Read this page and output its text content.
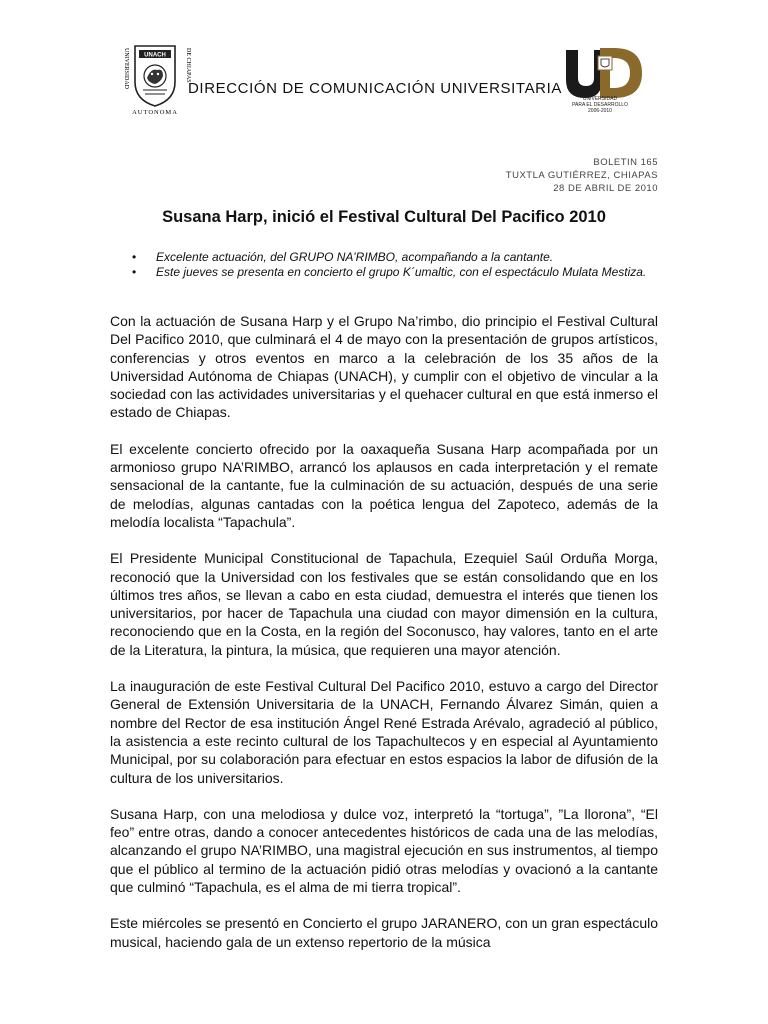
UNIVERSIDAD	DE CHIAPAS
UNACH
AUTONOMA
DIRECCIÓN DE COMUNICACIÓN UNIVERSITARIA
UNIVERSIDAD
PARA EL DESARROLLO
2006-2010
BOLETIN 165
TUXTLA GUTIÉRREZ, CHIAPAS
28 DE ABRIL DE 2010
Susana Harp, inició el Festival Cultural Del Pacifico 2010
• Excelente actuación, del GRUPO NA’RIMBO, acompañando a la cantante.
• Este jueves se presenta en concierto el grupo K´umaltic, con el espectáculo Mulata Mestiza.

Con la actuación de Susana Harp y el Grupo Na’rimbo, dio principio el Festival Cultural Del Pacifico 2010, que culminará el 4 de mayo con la presentación de grupos artísticos, conferencias y otros eventos en marco a la celebración de los 35 años de la Universidad Autónoma de Chiapas (UNACH), y cumplir con el objetivo de vincular a la sociedad con las actividades universitarias y el quehacer cultural en que está inmerso el estado de Chiapas.

El excelente concierto ofrecido por la oaxaqueña Susana Harp acompañada por un armonioso grupo NA’RIMBO, arrancó los aplausos en cada interpretación y el remate sensacional de la cantante, fue la culminación de su actuación, después de una serie de melodías, algunas cantadas con la poética lengua del Zapoteco, además de la melodía localista “Tapachula”.

El Presidente Municipal Constitucional de Tapachula, Ezequiel Saúl Orduña Morga, reconoció que la Universidad con los festivales que se están consolidando que en los últimos tres años, se llevan a cabo en esta ciudad, demuestra el interés que tienen los universitarios, por hacer de Tapachula una ciudad con mayor dimensión en la cultura, reconociendo que en la Costa, en la región del Soconusco, hay valores, tanto en el arte de la Literatura, la pintura, la música, que requieren una mayor atención.

La inauguración de este Festival Cultural Del Pacifico 2010, estuvo a cargo del Director General de Extensión Universitaria de la UNACH, Fernando Álvarez Simán, quien a nombre del Rector de esa institución Ángel René Estrada Arévalo, agradeció al público, la asistencia a este recinto cultural de los Tapachultecos y en especial al Ayuntamiento Municipal, por su colaboración para efectuar en estos espacios la labor de difusión de la cultura de los universitarios.

Susana Harp, con una melodiosa y dulce voz, interpretó la “tortuga”, ”La llorona”, “El feo” entre otras, dando a conocer antecedentes históricos de cada una de las melodías, alcanzando el grupo NA’RIMBO, una magistral ejecución en sus instrumentos, al tiempo que el público al termino de la actuación pidió otras melodías y ovacionó a la cantante que culminó “Tapachula, es el alma de mi tierra tropical”.

Este miércoles se presentó en Concierto el grupo JARANERO, con un gran espectáculo musical, haciendo gala de un extenso repertorio de la música
